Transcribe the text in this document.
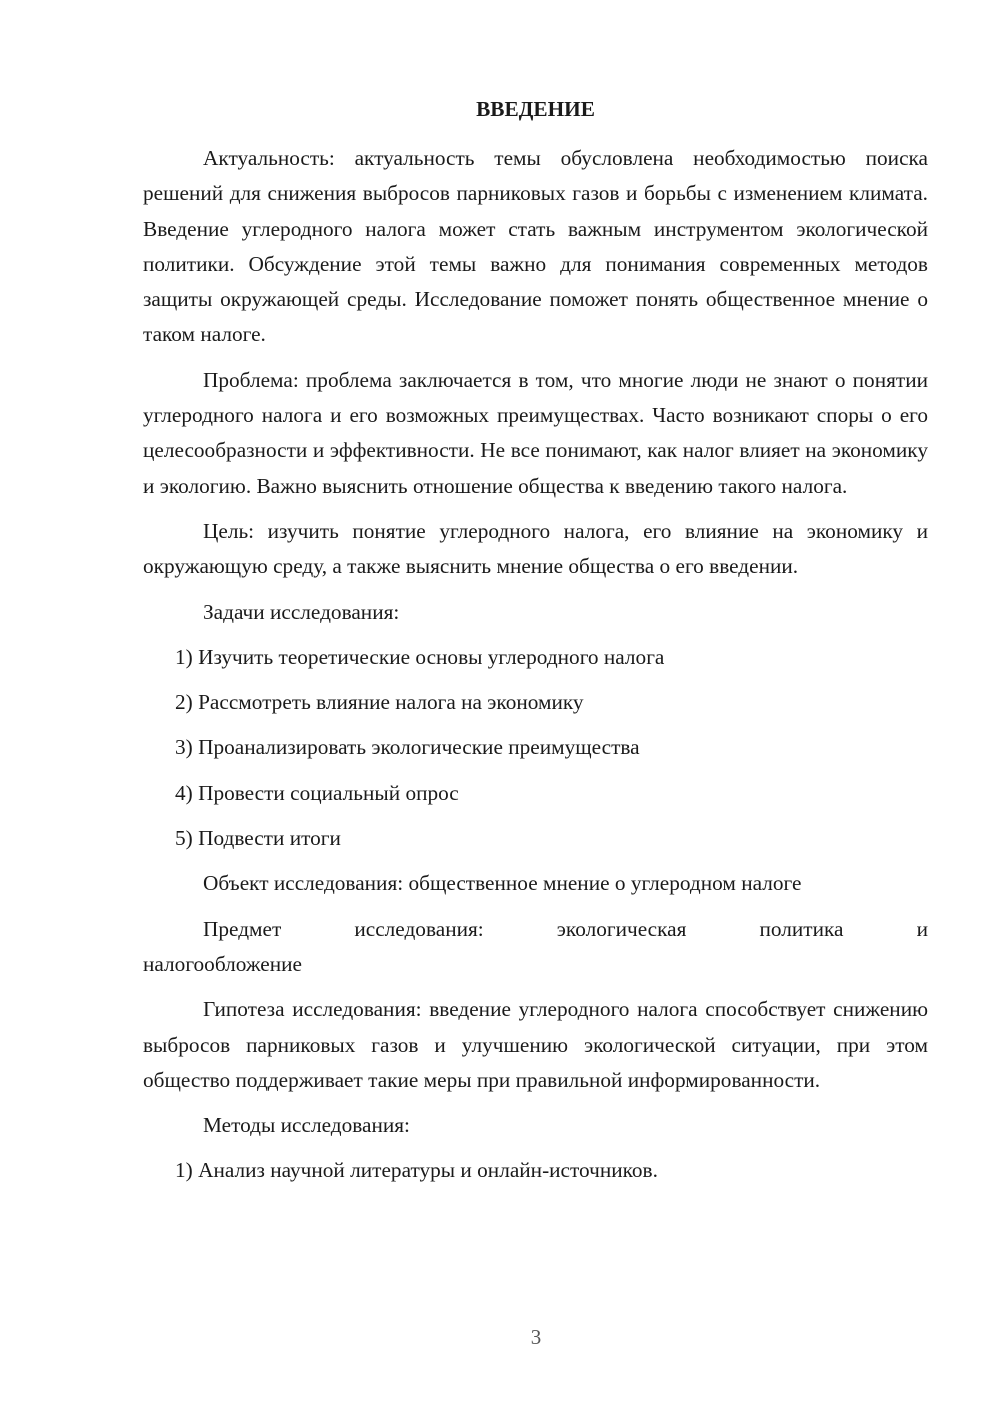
ВВЕДЕНИЕ

Актуальность: актуальность темы обусловлена необходимостью поиска решений для снижения выбросов парниковых газов и борьбы с изменением климата. Введение углеродного налога может стать важным инструментом экологической политики. Обсуждение этой темы важно для понимания современных методов защиты окружающей среды. Исследование поможет понять общественное мнение о таком налоге.

Проблема: проблема заключается в том, что многие люди не знают о понятии углеродного налога и его возможных преимуществах. Часто возникают споры о его целесообразности и эффективности. Не все понимают, как налог влияет на экономику и экологию. Важно выяснить отношение общества к введению такого налога.

Цель: изучить понятие углеродного налога, его влияние на экономику и окружающую среду, а также выяснить мнение общества о его введении.

Задачи исследования:

1) Изучить теоретические основы углеродного налога

2) Рассмотреть влияние налога на экономику

3) Проанализировать экологические преимущества

4) Провести социальный опрос

5) Подвести итоги

Объект исследования: общественное мнение о углеродном налоге

Предмет	исследования:	экологическая	политика	и
налогообложение

Гипотеза исследования: введение углеродного налога способствует снижению выбросов парниковых газов и улучшению экологической ситуации, при этом общество поддерживает такие меры при правильной информированности.

Методы исследования:

1) Анализ научной литературы и онлайн-источников.

3
